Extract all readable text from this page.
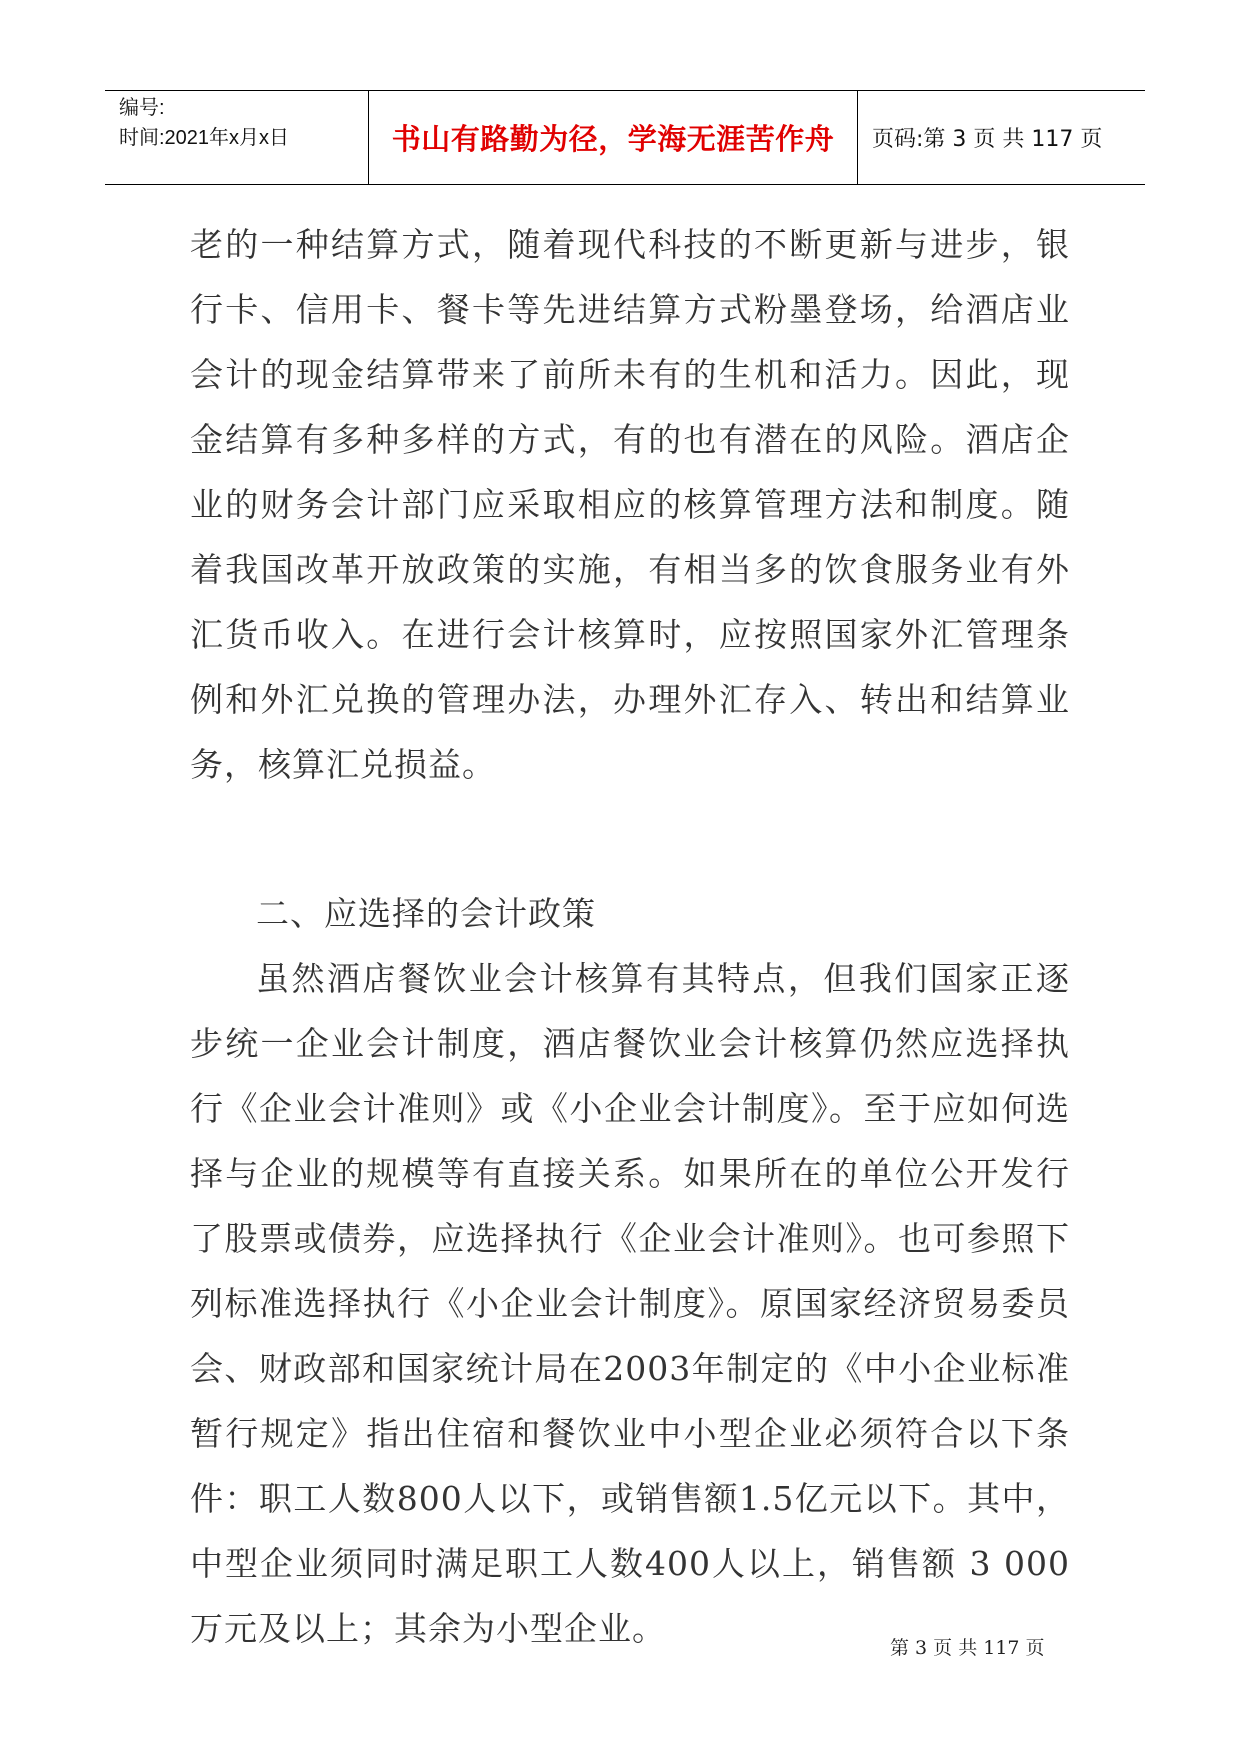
编号:
时间:2021年x月x日	书山有路勤为径，学海无涯苦作舟 页码:第 3 页 共 117 页

老的一种结算方式，随着现代科技的不断更新与进步，银行卡、信用卡、餐卡等先进结算方式粉墨登场，给酒店业会计的现金结算带来了前所未有的生机和活力。因此，现金结算有多种多样的方式，有的也有潜在的风险。酒店企业的财务会计部门应采取相应的核算管理方法和制度。随着我国改革开放政策的实施，有相当多的饮食服务业有外汇货币收入。在进行会计核算时，应按照国家外汇管理条例和外汇兑换的管理办法，办理外汇存入、转出和结算业务，核算汇兑损益。

二、应选择的会计政策

虽然酒店餐饮业会计核算有其特点，但我们国家正逐步统一企业会计制度，酒店餐饮业会计核算仍然应选择执行《企业会计准则》或《小企业会计制度》。至于应如何选择与企业的规模等有直接关系。如果所在的单位公开发行了股票或债券，应选择执行《企业会计准则》。也可参照下列标准选择执行《小企业会计制度》。原国家经济贸易委员会、财政部和国家统计局在2003年制定的《中小企业标准暂行规定》指出住宿和餐饮业中小型企业必须符合以下条件：职工人数800人以下，或销售额1.5亿元以下。其中，中型企业须同时满足职工人数400人以上，销售额 3 000万元及以上；其余为小型企业。	第 3 页 共 117 页
